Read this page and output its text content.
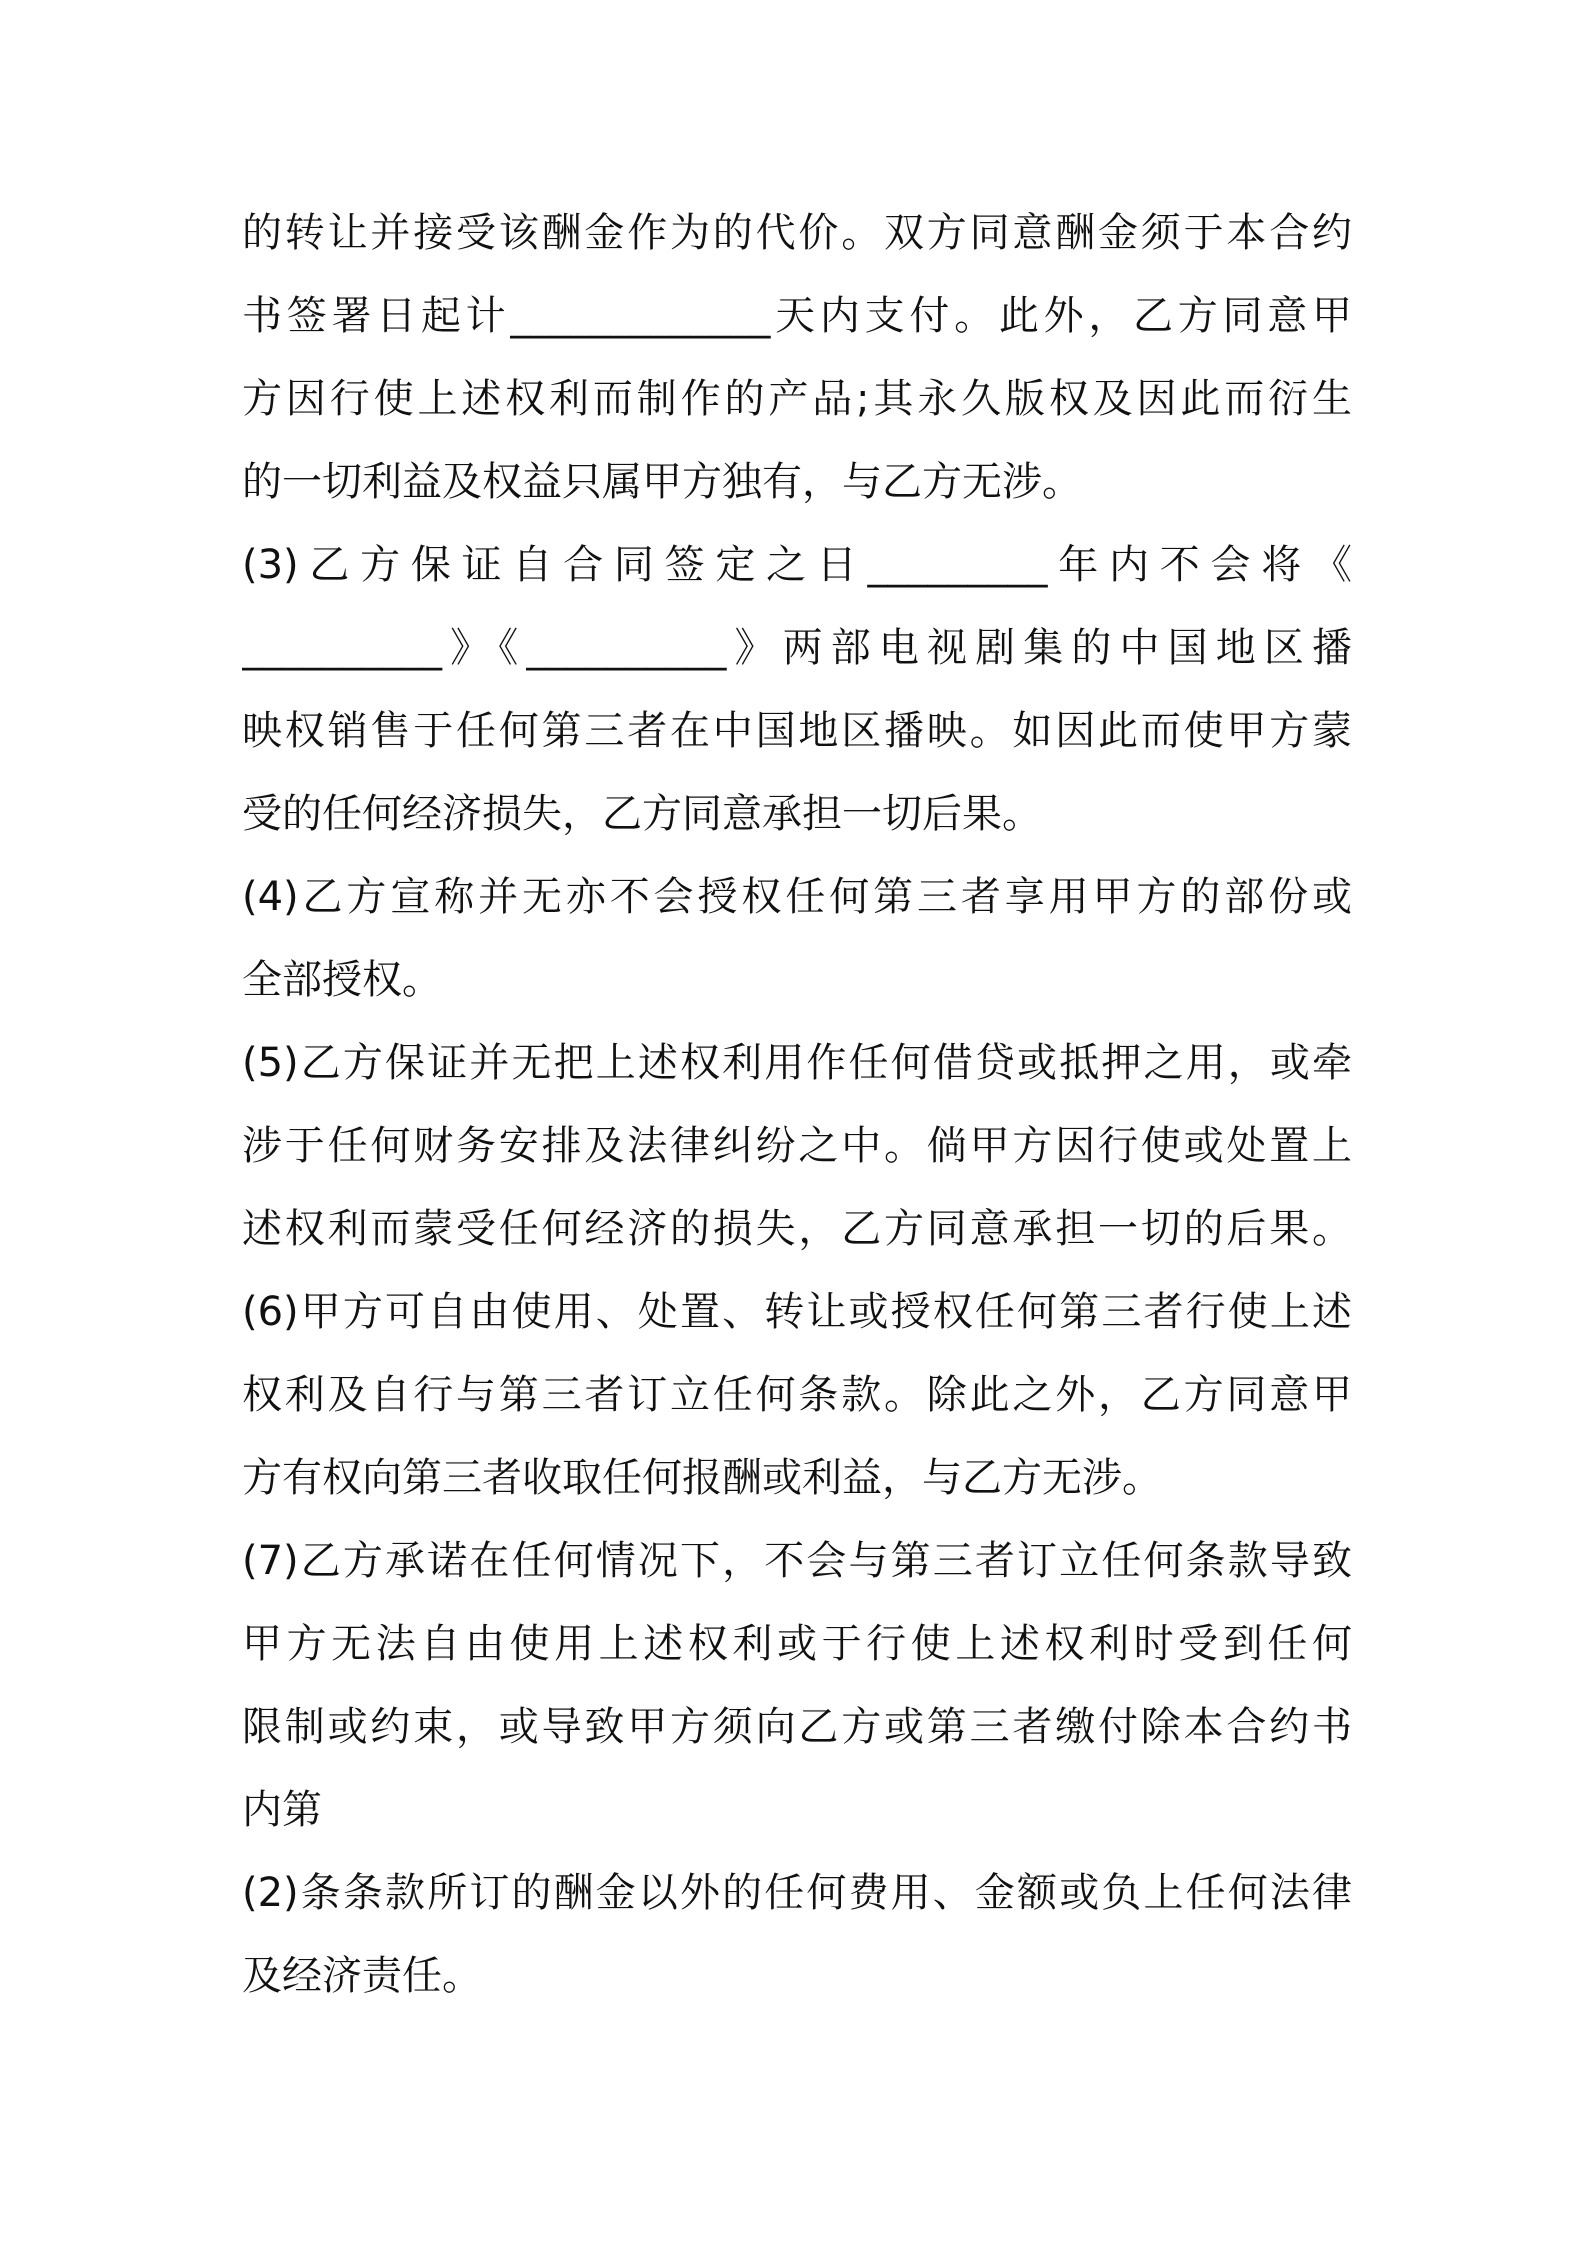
的转让并接受该酬金作为的代价。双方同意酬金须于本合约
书签署日起计_____________天内支付。此外，乙方同意甲
方因行使上述权利而制作的产品;其永久版权及因此而衍生
的一切利益及权益只属甲方独有，与乙方无涉。
(3)乙方保证自合同签定之日_________年内不会将《
__________》《__________》两部电视剧集的中国地区播
映权销售于任何第三者在中国地区播映。如因此而使甲方蒙
受的任何经济损失，乙方同意承担一切后果。
(4)乙方宣称并无亦不会授权任何第三者享用甲方的部份或
全部授权。
(5)乙方保证并无把上述权利用作任何借贷或抵押之用，或牵
涉于任何财务安排及法律纠纷之中。倘甲方因行使或处置上
述权利而蒙受任何经济的损失，乙方同意承担一切的后果。
(6)甲方可自由使用、处置、转让或授权任何第三者行使上述
权利及自行与第三者订立任何条款。除此之外，乙方同意甲
方有权向第三者收取任何报酬或利益，与乙方无涉。
(7)乙方承诺在任何情况下，不会与第三者订立任何条款导致
甲方无法自由使用上述权利或于行使上述权利时受到任何
限制或约束，或导致甲方须向乙方或第三者缴付除本合约书
内第
(2)条条款所订的酬金以外的任何费用、金额或负上任何法律
及经济责任。
